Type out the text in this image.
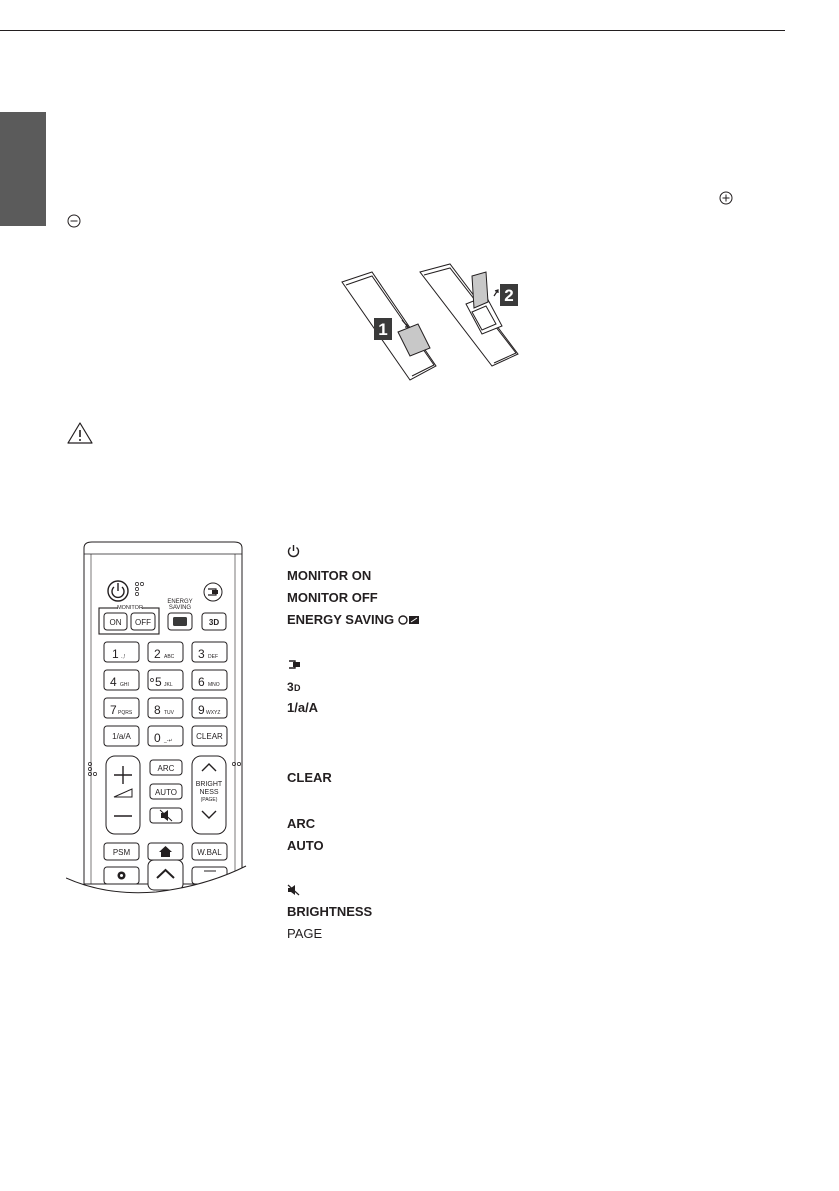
1
2
MONITOR
ENERGY
SAVING
ON OFF	3D
1 .,! 2 ABC 3 DEF
4 GHI 5 JKL 6 MNO
7 PQRS 8 TUV 9 WXYZ
1/a/A 0 _-↵	CLEAR
ARC
AUTO
BRIGHT
NESS
(PAGE)
PSM	W.BAL
MONITOR ON
MONITOR OFF
ENERGY SAVING
3 D
1/a/A
CLEAR
ARC
AUTO
BRIGHTNESS
PAGE
